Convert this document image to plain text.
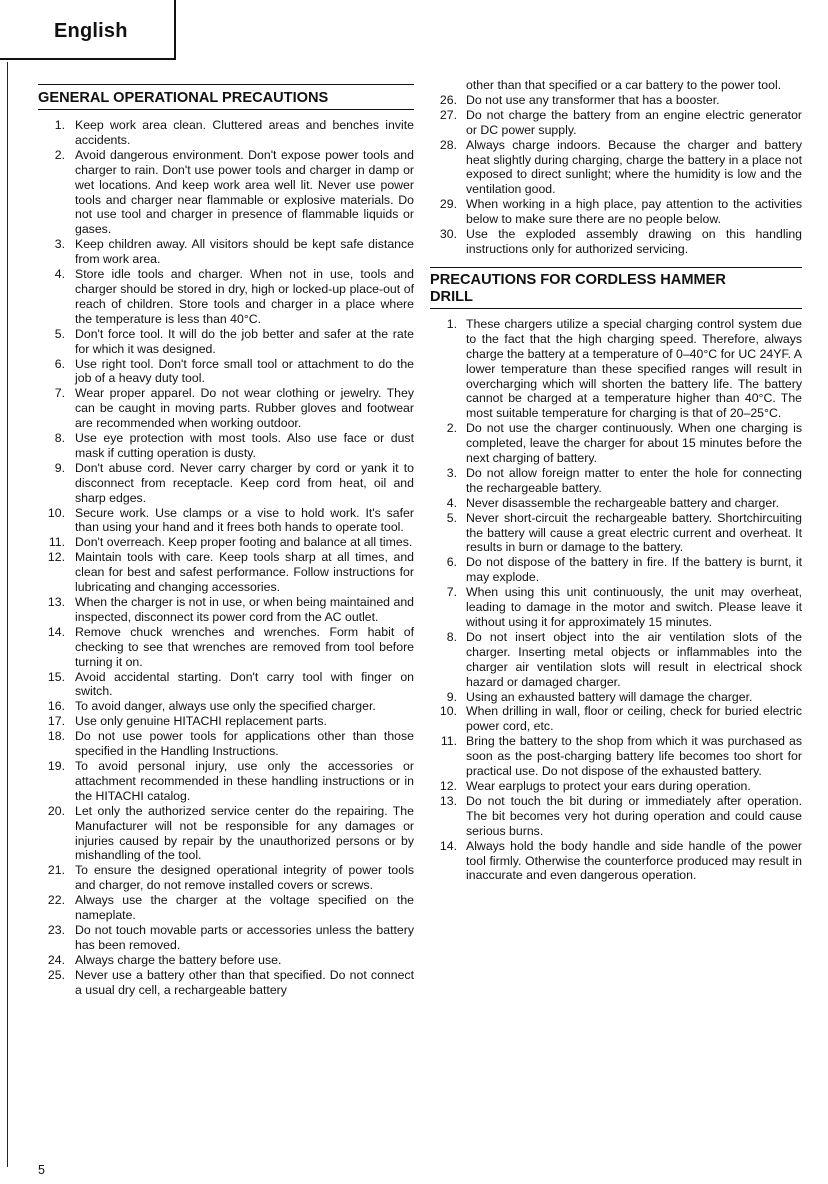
English
GENERAL OPERATIONAL PRECAUTIONS
1. Keep work area clean. Cluttered areas and benches invite accidents.
2. Avoid dangerous environment. Don't expose power tools and charger to rain. Don't use power tools and charger in damp or wet locations. And keep work area well lit. Never use power tools and charger near flammable or explosive materials. Do not use tool and charger in presence of flammable liquids or gases.
3. Keep children away. All visitors should be kept safe distance from work area.
4. Store idle tools and charger. When not in use, tools and charger should be stored in dry, high or locked-up place-out of reach of children. Store tools and charger in a place where the temperature is less than 40°C.
5. Don't force tool. It will do the job better and safer at the rate for which it was designed.
6. Use right tool. Don't force small tool or attachment to do the job of a heavy duty tool.
7. Wear proper apparel. Do not wear clothing or jewelry. They can be caught in moving parts. Rubber gloves and footwear are recommended when working outdoor.
8. Use eye protection with most tools. Also use face or dust mask if cutting operation is dusty.
9. Don't abuse cord. Never carry charger by cord or yank it to disconnect from receptacle. Keep cord from heat, oil and sharp edges.
10. Secure work. Use clamps or a vise to hold work. It's safer than using your hand and it frees both hands to operate tool.
11. Don't overreach. Keep proper footing and balance at all times.
12. Maintain tools with care. Keep tools sharp at all times, and clean for best and safest performance. Follow instructions for lubricating and changing accessories.
13. When the charger is not in use, or when being maintained and inspected, disconnect its power cord from the AC outlet.
14. Remove chuck wrenches and wrenches. Form habit of checking to see that wrenches are removed from tool before turning it on.
15. Avoid accidental starting. Don't carry tool with finger on switch.
16. To avoid danger, always use only the specified charger.
17. Use only genuine HITACHI replacement parts.
18. Do not use power tools for applications other than those specified in the Handling Instructions.
19. To avoid personal injury, use only the accessories or attachment recommended in these handling instructions or in the HITACHI catalog.
20. Let only the authorized service center do the repairing. The Manufacturer will not be responsible for any damages or injuries caused by repair by the unauthorized persons or by mishandling of the tool.
21. To ensure the designed operational integrity of power tools and charger, do not remove installed covers or screws.
22. Always use the charger at the voltage specified on the nameplate.
23. Do not touch movable parts or accessories unless the battery has been removed.
24. Always charge the battery before use.
25. Never use a battery other than that specified. Do not connect a usual dry cell, a rechargeable battery
other than that specified or a car battery to the power tool.
26. Do not use any transformer that has a booster.
27. Do not charge the battery from an engine electric generator or DC power supply.
28. Always charge indoors. Because the charger and battery heat slightly during charging, charge the battery in a place not exposed to direct sunlight; where the humidity is low and the ventilation good.
29. When working in a high place, pay attention to the activities below to make sure there are no people below.
30. Use the exploded assembly drawing on this handling instructions only for authorized servicing.
PRECAUTIONS FOR CORDLESS HAMMER
DRILL
1. These chargers utilize a special charging control system due to the fact that the high charging speed. Therefore, always charge the battery at a temperature of 0–40°C for UC 24YF. A lower temperature than these specified ranges will result in overcharging which will shorten the battery life. The battery cannot be charged at a temperature higher than 40°C. The most suitable temperature for charging is that of 20–25°C.
2. Do not use the charger continuously. When one charging is completed, leave the charger for about 15 minutes before the next charging of battery.
3. Do not allow foreign matter to enter the hole for connecting the rechargeable battery.
4. Never disassemble the rechargeable battery and charger.
5. Never short-circuit the rechargeable battery. Shortchircuiting the battery will cause a great electric current and overheat. It results in burn or damage to the battery.
6. Do not dispose of the battery in fire. If the battery is burnt, it may explode.
7. When using this unit continuously, the unit may overheat, leading to damage in the motor and switch. Please leave it without using it for approximately 15 minutes.
8. Do not insert object into the air ventilation slots of the charger. Inserting metal objects or inflammables into the charger air ventilation slots will result in electrical shock hazard or damaged charger.
9. Using an exhausted battery will damage the charger.
10. When drilling in wall, floor or ceiling, check for buried electric power cord, etc.
11. Bring the battery to the shop from which it was purchased as soon as the post-charging battery life becomes too short for practical use. Do not dispose of the exhausted battery.
12. Wear earplugs to protect your ears during operation.
13. Do not touch the bit during or immediately after operation. The bit becomes very hot during operation and could cause serious burns.
14. Always hold the body handle and side handle of the power tool firmly. Otherwise the counterforce produced may result in inaccurate and even dangerous operation.
5
